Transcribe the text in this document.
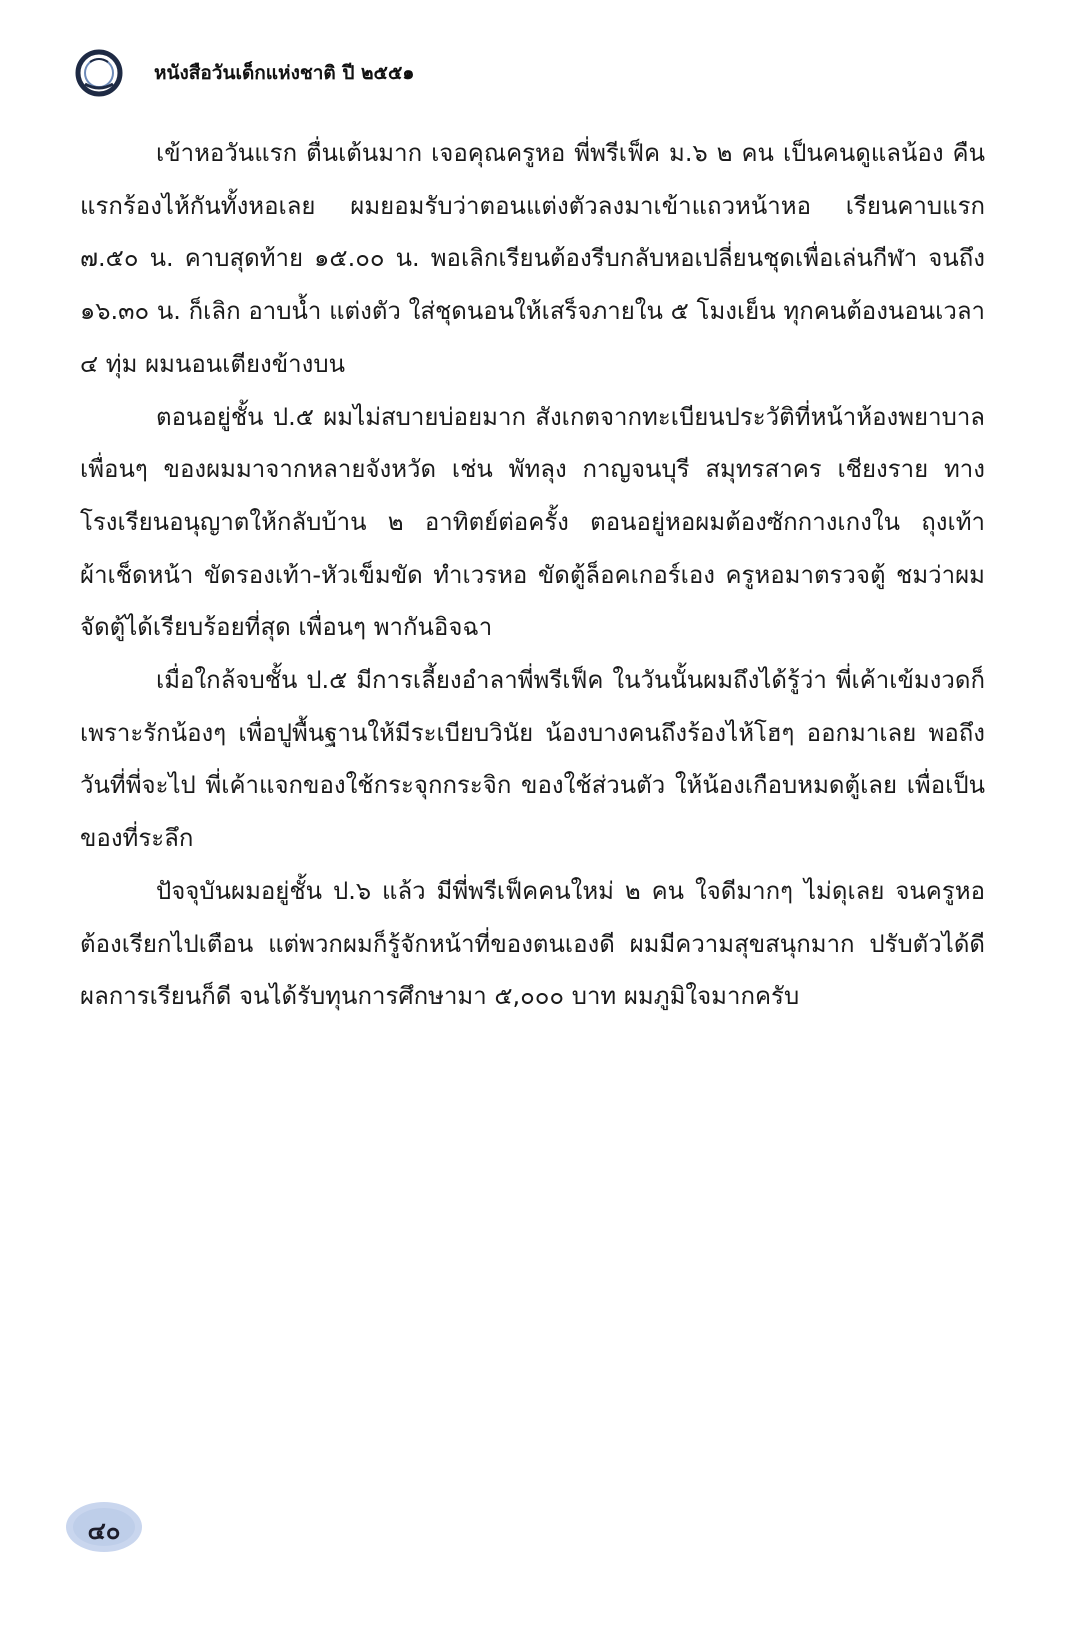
หนังสือวันเด็กแห่งชาติ ปี ๒๕๕๑

เข้าหอวันแรก ตื่นเต้นมาก เจอคุณครูหอ พี่พรีเฟ็ค ม.๖ ๒ คน เป็นคนดูแลน้อง คืนแรกร้องไห้กันทั้งหอเลย ผมยอมรับว่าตอนแต่งตัวลงมาเข้าแถวหน้าหอ เรียนคาบแรก ๗.๕๐ น. คาบสุดท้าย ๑๕.๐๐ น. พอเลิกเรียนต้องรีบกลับหอเปลี่ยนชุดเพื่อเล่นกีฬา จนถึง ๑๖.๓๐ น. ก็เลิก อาบน้ำ แต่งตัว ใส่ชุดนอนให้เสร็จภายใน ๕ โมงเย็น ทุกคนต้องนอนเวลา ๔ ทุ่ม ผมนอนเตียงข้างบน

ตอนอยู่ชั้น ป.๕ ผมไม่สบายบ่อยมาก สังเกตจากทะเบียนประวัติที่หน้าห้องพยาบาล เพื่อนๆ ของผมมาจากหลายจังหวัด เช่น พัทลุง กาญจนบุรี สมุทรสาคร เชียงราย ทางโรงเรียนอนุญาตให้กลับบ้าน ๒ อาทิตย์ต่อครั้ง ตอนอยู่หอผมต้องซักกางเกงใน ถุงเท้า ผ้าเช็ดหน้า ขัดรองเท้า-หัวเข็มขัด ทำเวรหอ ขัดตู้ล็อคเกอร์เอง ครูหอมาตรวจตู้ ชมว่าผมจัดตู้ได้เรียบร้อยที่สุด เพื่อนๆ พากันอิจฉา

เมื่อใกล้จบชั้น ป.๕ มีการเลี้ยงอำลาพี่พรีเฟ็ค ในวันนั้นผมถึงได้รู้ว่า พี่เค้าเข้มงวดก็เพราะรักน้องๆ เพื่อปูพื้นฐานให้มีระเบียบวินัย น้องบางคนถึงร้องไห้โฮๆ ออกมาเลย พอถึงวันที่พี่จะไป พี่เค้าแจกของใช้กระจุกกระจิก ของใช้ส่วนตัว ให้น้องเกือบหมดตู้เลย เพื่อเป็นของที่ระลึก

ปัจจุบันผมอยู่ชั้น ป.๖ แล้ว มีพี่พรีเฟ็คคนใหม่ ๒ คน ใจดีมากๆ ไม่ดุเลย จนครูหอต้องเรียกไปเตือน แต่พวกผมก็รู้จักหน้าที่ของตนเองดี ผมมีความสุขสนุกมาก ปรับตัวได้ดี ผลการเรียนก็ดี จนได้รับทุนการศึกษามา ๕,๐๐๐ บาท ผมภูมิใจมากครับ

๔๐
